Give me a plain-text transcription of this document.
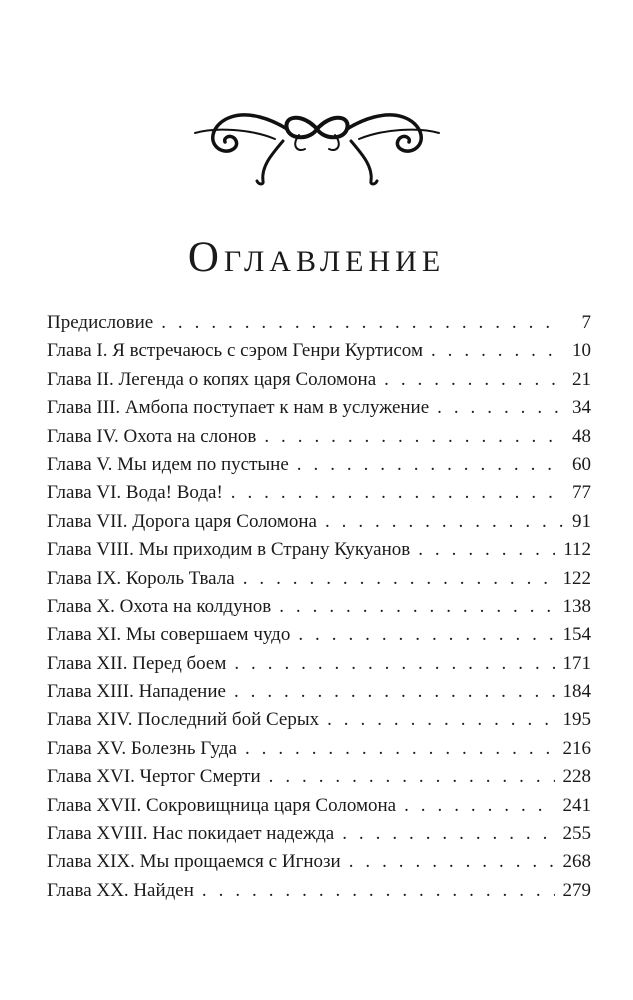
Оглавление
Предисловие . . .	7
Глава I. Я встречаюсь с сэром Генри Куртисом . . .	10
Глава II. Легенда о копях царя Соломона . . .	21
Глава III. Амбопа поступает к нам в услужение . . .	34
Глава IV. Охота на слонов . . .	48
Глава V. Мы идем по пустыне . . .	60
Глава VI. Вода! Вода! . . .	77
Глава VII. Дорога царя Соломона . . .	91
Глава VIII. Мы приходим в Страну Кукуанов . . .	112
Глава IX. Король Твала . . .	122
Глава X. Охота на колдунов . . .	138
Глава XI. Мы совершаем чудо . . .	154
Глава XII. Перед боем . . .	171
Глава XIII. Нападение . . .	184
Глава XIV. Последний бой Серых . . .	195
Глава XV. Болезнь Гуда . . .	216
Глава XVI. Чертог Смерти . . .	228
Глава XVII. Сокровищница царя Соломона . . .	241
Глава XVIII. Нас покидает надежда . . .	255
Глава XIX. Мы прощаемся с Игнози . . .	268
Глава XX. Найден . . .	279
